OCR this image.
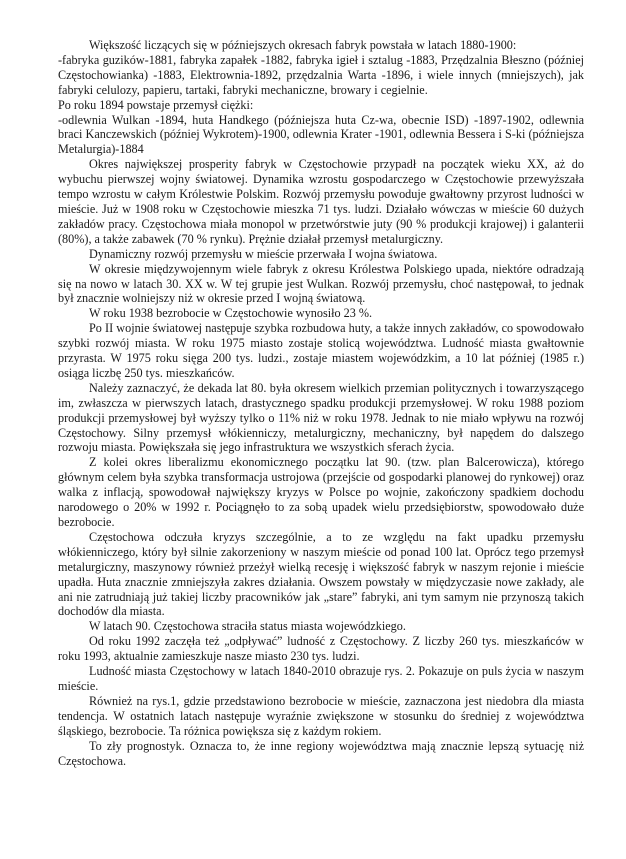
Większość liczących się w późniejszych okresach fabryk powstała w latach 1880-1900:

-fabryka guzików-1881, fabryka zapałek -1882, fabryka igieł i sztalug -1883, Przędzalnia Błeszno (później Częstochowianka) -1883, Elektrownia-1892, przędzalnia Warta -1896, i wiele innych (mniejszych), jak fabryki celulozy, papieru, tartaki, fabryki mechaniczne, browary i cegielnie.

Po roku 1894 powstaje przemysł ciężki:

-odlewnia Wulkan -1894, huta Handkego (późniejsza huta Cz-wa, obecnie ISD) -1897-1902, odlewnia braci Kanczewskich (później Wykrotem)-1900, odlewnia Krater -1901, odlewnia Bessera i S-ki (późniejsza Metalurgia)-1884

Okres największej prosperity fabryk w Częstochowie przypadł na początek wieku XX, aż do wybuchu pierwszej wojny światowej. Dynamika wzrostu gospodarczego w Częstochowie przewyższała tempo wzrostu w całym Królestwie Polskim. Rozwój przemysłu powoduje gwałtowny przyrost ludności w mieście. Już w 1908 roku w Częstochowie mieszka 71 tys. ludzi. Działało wówczas w mieście 60 dużych zakładów pracy. Częstochowa miała monopol w przetwórstwie juty (90 % produkcji krajowej) i galanterii (80%), a także zabawek (70 % rynku). Prężnie działał przemysł metalurgiczny.

Dynamiczny rozwój przemysłu w mieście przerwała I wojna światowa.

W okresie międzywojennym wiele fabryk z okresu Królestwa Polskiego upada, niektóre odradzają się na nowo w latach 30. XX w. W tej grupie jest Wulkan. Rozwój przemysłu, choć następował, to jednak był znacznie wolniejszy niż w okresie przed I wojną światową.

W roku 1938 bezrobocie w Częstochowie wynosiło 23 %.

Po II wojnie światowej następuje szybka rozbudowa huty, a także innych zakładów, co spowodowało szybki rozwój miasta. W roku 1975 miasto zostaje stolicą województwa. Ludność miasta gwałtownie przyrasta. W 1975 roku sięga 200 tys. ludzi., zostaje miastem wojewódzkim, a 10 lat później (1985 r.) osiąga liczbę 250 tys. mieszkańców.

Należy zaznaczyć, że dekada lat 80. była okresem wielkich przemian politycznych i towarzyszącego im, zwłaszcza w pierwszych latach, drastycznego spadku produkcji przemysłowej. W roku 1988 poziom produkcji przemysłowej był wyższy tylko o 11% niż w roku 1978. Jednak to nie miało wpływu na rozwój Częstochowy. Silny przemysł włókienniczy, metalurgiczny, mechaniczny, był napędem do dalszego rozwoju miasta. Powiększała się jego infrastruktura we wszystkich sferach życia.

Z kolei okres liberalizmu ekonomicznego początku lat 90. (tzw. plan Balcerowicza), którego głównym celem była szybka transformacja ustrojowa (przejście od gospodarki planowej do rynkowej) oraz walka z inflacją, spowodował największy kryzys w Polsce po wojnie, zakończony spadkiem dochodu narodowego o 20% w 1992 r. Pociągnęło to za sobą upadek wielu przedsiębiorstw, spowodowało duże bezrobocie.

Częstochowa odczuła kryzys szczególnie, a to ze względu na fakt upadku przemysłu włókienniczego, który był silnie zakorzeniony w naszym mieście od ponad 100 lat. Oprócz tego przemysł metalurgiczny, maszynowy również przeżył wielką recesję i większość fabryk w naszym rejonie i mieście upadła. Huta znacznie zmniejszyła zakres działania. Owszem powstały w międzyczasie nowe zakłady, ale ani nie zatrudniają już takiej liczby pracowników jak „stare” fabryki, ani tym samym nie przynoszą takich dochodów dla miasta.

W latach 90. Częstochowa straciła status miasta wojewódzkiego.

Od roku 1992 zaczęła też „odpływać” ludność z Częstochowy. Z liczby 260 tys. mieszkańców w roku 1993, aktualnie zamieszkuje nasze miasto 230 tys. ludzi.

Ludność miasta Częstochowy w latach 1840-2010 obrazuje rys. 2. Pokazuje on puls życia w naszym mieście.

Również na rys.1, gdzie przedstawiono bezrobocie w mieście, zaznaczona jest niedobra dla miasta tendencja. W ostatnich latach następuje wyraźnie zwiększone w stosunku do średniej z województwa śląskiego, bezrobocie. Ta różnica powiększa się z każdym rokiem.

To zły prognostyk. Oznacza to, że inne regiony województwa mają znacznie lepszą sytuację niż Częstochowa.
